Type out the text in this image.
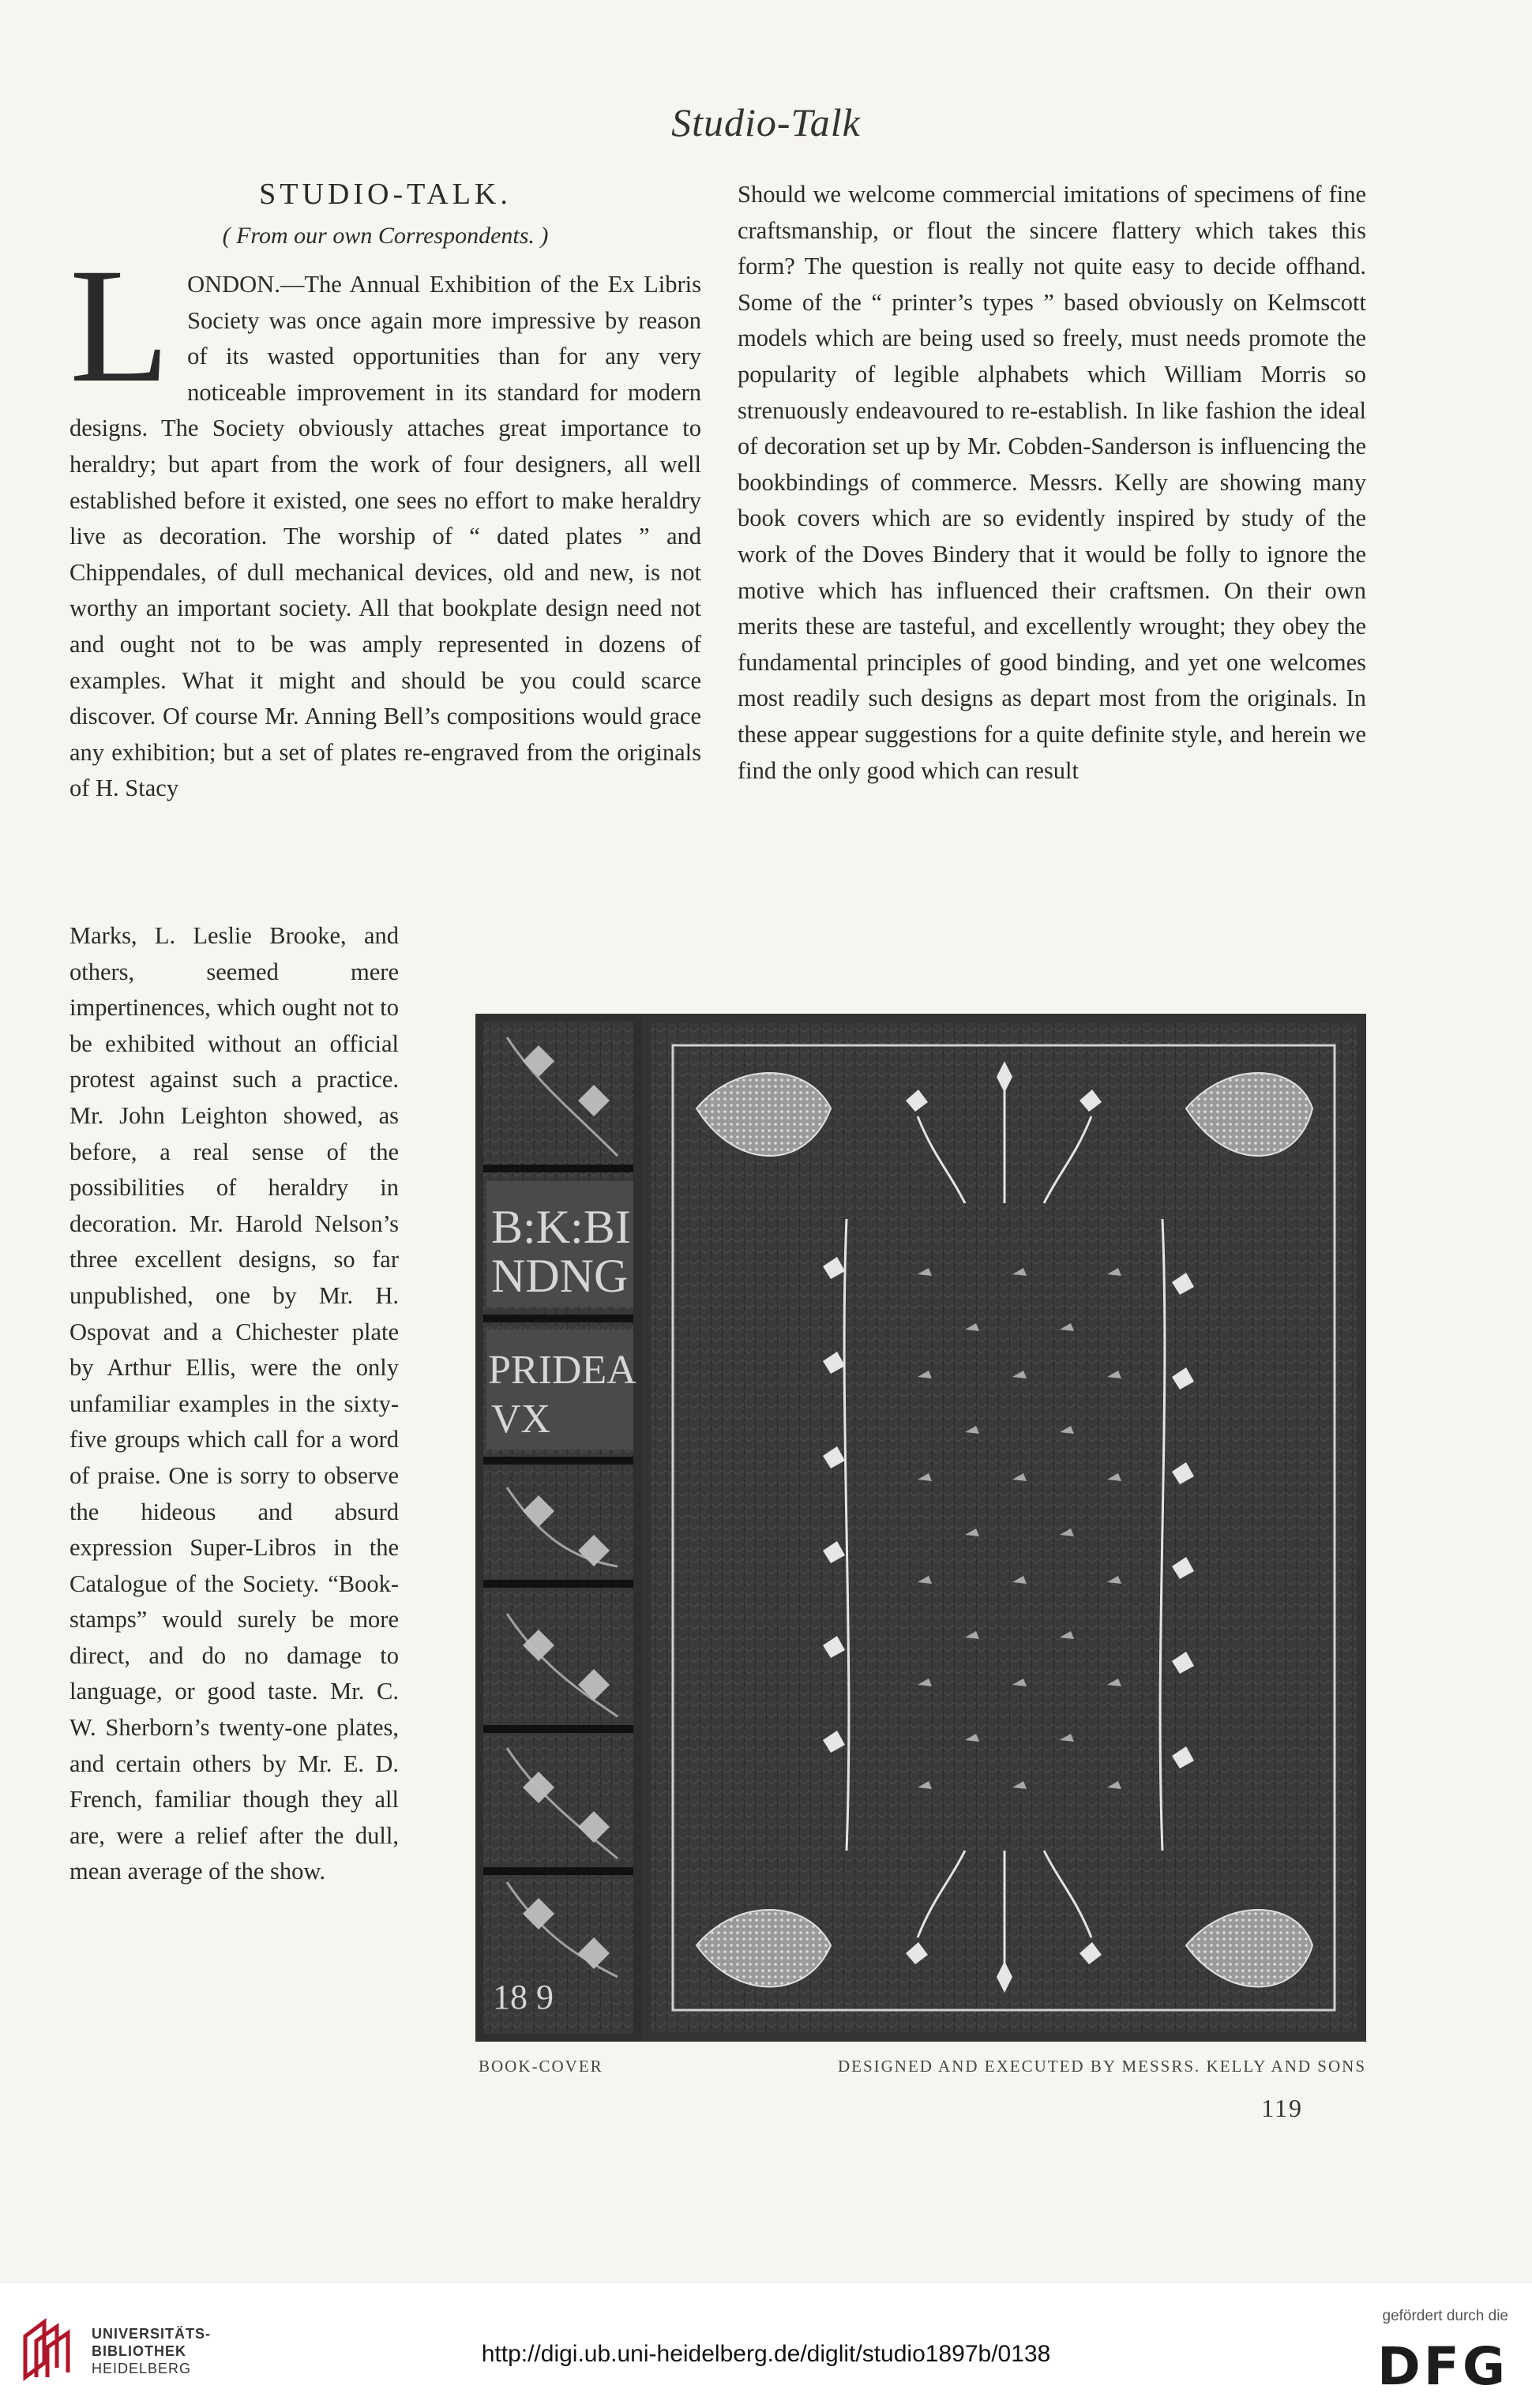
Studio-Talk
STUDIO-TALK.
( From our own Correspondents. )

LONDON.—The Annual Exhibition of the Ex Libris Society was once again more impressive by reason of its wasted opportunities than for any very noticeable improvement in its standard for modern designs. The Society obviously attaches great importance to heraldry; but apart from the work of four designers, all well established before it existed, one sees no effort to make heraldry live as decoration. The worship of “ dated plates ” and Chippendales, of dull mechanical devices, old and new, is not worthy an important society. All that bookplate design need not and ought not to be was amply represented in dozens of examples. What it might and should be you could scarce discover. Of course Mr. Anning Bell’s compositions would grace any exhibition; but a set of plates re-engraved from the originals of H. Stacy

Marks, L. Leslie Brooke, and others, seemed mere impertinences, which ought not to be exhibited without an official protest against such a practice. Mr. John Leighton showed, as before, a real sense of the possibilities of heraldry in decoration. Mr. Harold Nelson’s three excellent designs, so far unpublished, one by Mr. H. Ospovat and a Chichester plate by Arthur Ellis, were the only unfamiliar examples in the sixty-five groups which call for a word of praise. One is sorry to observe the hideous and absurd expression Super-Libros in the Catalogue of the Society. “Book-stamps” would surely be more direct, and do no damage to language, or good taste. Mr. C. W. Sherborn’s twenty-one plates, and certain others by Mr. E. D. French, familiar though they all are, were a relief after the dull, mean average of the show.

Should we welcome commercial imitations of specimens of fine craftsmanship, or flout the sincere flattery which takes this form? The question is really not quite easy to decide offhand. Some of the “ printer’s types ” based obviously on Kelmscott models which are being used so freely, must needs promote the popularity of legible alphabets which William Morris so strenuously endeavoured to re-establish. In like fashion the ideal of decoration set up by Mr. Cobden-Sanderson is influencing the bookbindings of commerce. Messrs. Kelly are showing many book covers which are so evidently inspired by study of the work of the Doves Bindery that it would be folly to ignore the motive which has influenced their craftsmen. On their own merits these are tasteful, and excellently wrought; they obey the fundamental principles of good binding, and yet one welcomes most readily such designs as depart most from the originals. In these appear suggestions for a quite definite style, and herein we find the only good which can result

B:K:BI
NDNG
PRIDEA
VX
18 9
BOOK-COVER	DESIGNED AND EXECUTED BY MESSRS. KELLY AND SONS
119
UNIVERSITÄTS-
BIBLIOTHEK
HEIDELBERG
http://digi.ub.uni-heidelberg.de/diglit/studio1897b/0138
gefördert durch die
DFG
